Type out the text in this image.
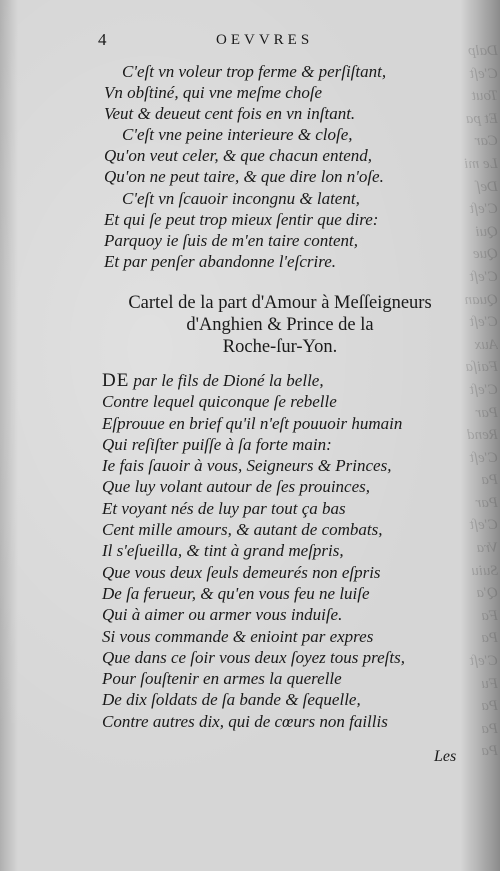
Dalp
C'eſt
Tout
Et pa
Car
Le mi
Deſ
C'eſt
Qui
Que
C'eſt
Quan
C'eſt
Aux
Faiſa
C'eſt
Par
Rend
C'eſt
Pa
Par
C'eſt
Vra
Suiu
Q'a
Fa
Pa
C'eſt
Fu
Pa
Pa
Pa
4	OEVVRES
C'eſt vn voleur trop ferme & perſiſtant,
Vn obſtiné, qui vne meſme choſe
Veut & deueut cent fois en vn inſtant.
C'eſt vne peine interieure & cloſe,
Qu'on veut celer, & que chacun entend,
Qu'on ne peut taire, & que dire lon n'oſe.
C'eſt vn ſcauoir incongnu & latent,
Et qui ſe peut trop mieux ſentir que dire:
Parquoy ie ſuis de m'en taire content,
Et par penſer abandonne l'eſcrire.
Cartel de la part d'Amour à Meſſeigneurs
d'Anghien & Prince de la
Roche-ſur-Yon.
DE par le fils de Dioné la belle,
Contre lequel quiconque ſe rebelle
Eſprouue en brief qu'il n'eſt pouuoir humain
Qui reſiſter puiſſe à ſa forte main:
Ie fais ſauoir à vous, Seigneurs & Princes,
Que luy volant autour de ſes prouinces,
Et voyant nés de luy par tout ça bas
Cent mille amours, & autant de combats,
Il s'eſueilla, & tint à grand meſpris,
Que vous deux ſeuls demeurés non eſpris
De ſa ferueur, & qu'en vous feu ne luiſe
Qui à aimer ou armer vous induiſe.
Si vous commande & enioint par expres
Que dans ce ſoir vous deux ſoyez tous preſts,
Pour ſouſtenir en armes la querelle
De dix ſoldats de ſa bande & ſequelle,
Contre autres dix, qui de cœurs non faillis
Les
